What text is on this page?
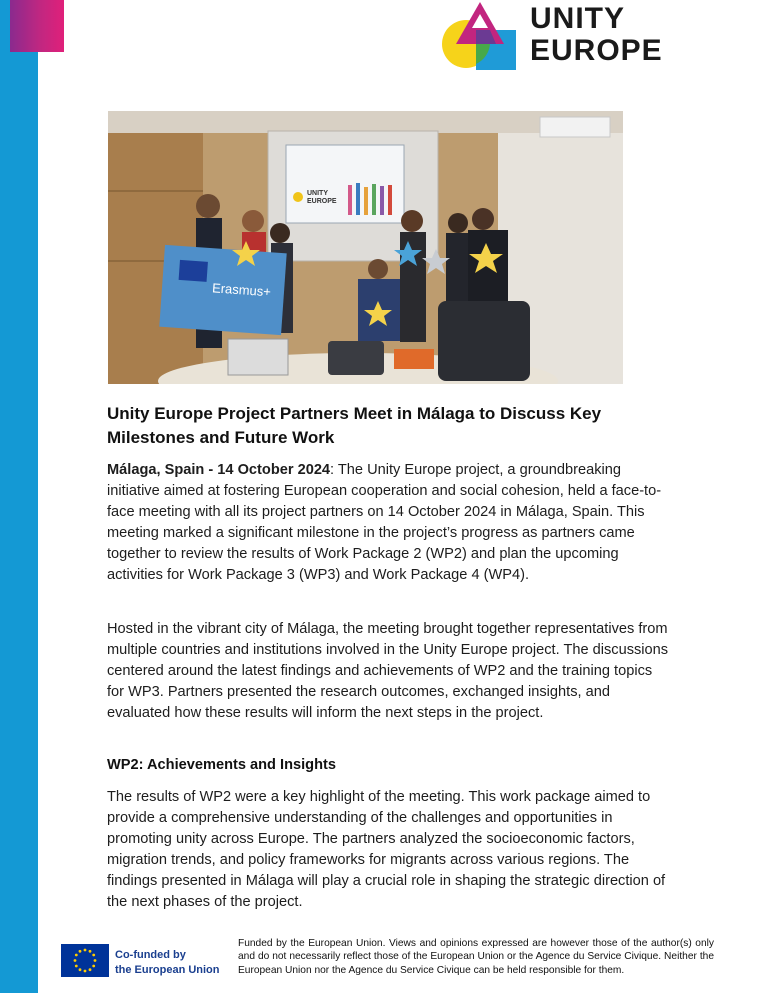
UNITY
EUROPE
UNITY
EUROPE
Erasmus+
Unity Europe Project Partners Meet in Málaga to Discuss Key Milestones and Future Work

Málaga, Spain - 14 October 2024: The Unity Europe project, a groundbreaking initiative aimed at fostering European cooperation and social cohesion, held a face-to-face meeting with all its project partners on 14 October 2024 in Málaga, Spain. This meeting marked a significant milestone in the project’s progress as partners came together to review the results of Work Package 2 (WP2) and plan the upcoming activities for Work Package 3 (WP3) and Work Package 4 (WP4).

Hosted in the vibrant city of Málaga, the meeting brought together representatives from multiple countries and institutions involved in the Unity Europe project. The discussions centered around the latest findings and achievements of WP2 and the training topics for WP3. Partners presented the research outcomes, exchanged insights, and evaluated how these results will inform the next steps in the project.

WP2: Achievements and Insights

The results of WP2 were a key highlight of the meeting. This work package aimed to provide a comprehensive understanding of the challenges and opportunities in promoting unity across Europe. The partners analyzed the socioeconomic factors, migration trends, and policy frameworks for migrants across various regions. The findings presented in Málaga will play a crucial role in shaping the strategic direction of the next phases of the project.

Co-funded by
the European Union

Funded by the European Union. Views and opinions expressed are however those of the author(s) only and do not necessarily reflect those of the European Union or the Agence du Service Civique. Neither the European Union nor the Agence du Service Civique can be held responsible for them.
